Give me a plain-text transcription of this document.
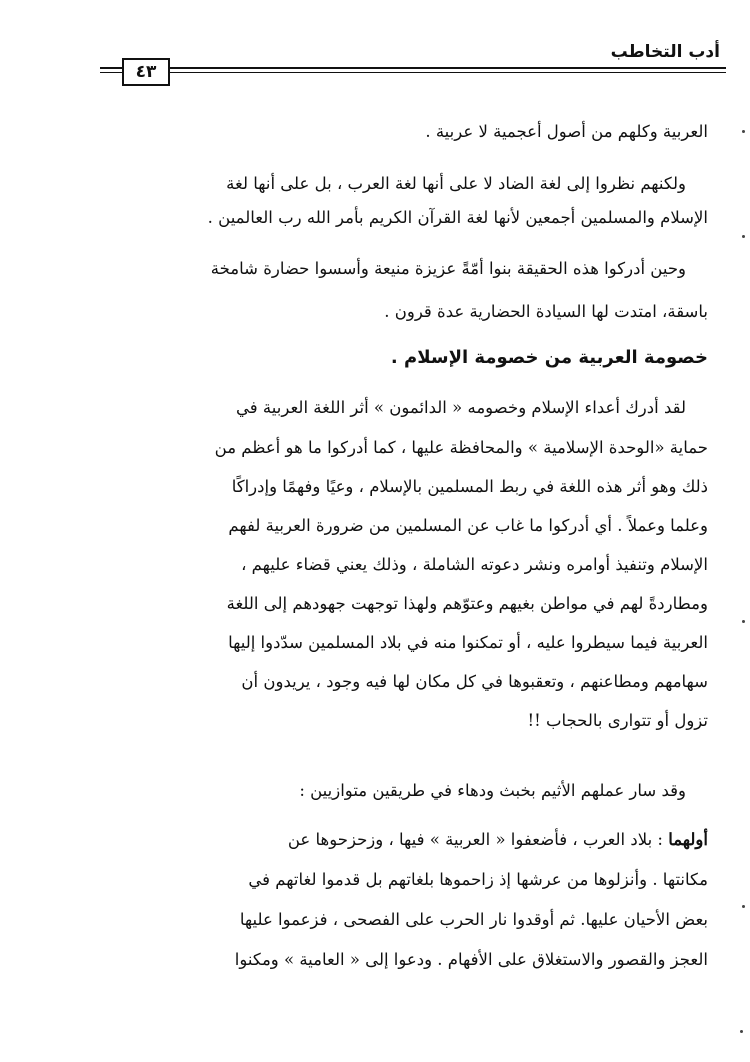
أدب التخاطب
٤٣
العربية وكلهم من أصول أعجمية لا عربية .
ولكنهم نظروا إلى لغة الضاد لا على أنها لغة العرب ، بل على أنها لغة
الإسلام والمسلمين أجمعين لأنها لغة القرآن الكريم بأمر الله رب العالمين .
وحين أدركوا هذه الحقيقة بنوا أمّةً عزيزة منيعة وأسسوا حضارة شامخة
باسقة، امتدت لها السيادة الحضارية عدة قرون .
خصومة العربية من خصومة الإسلام .
لقد أدرك أعداء الإسلام وخصومه « الدائمون » أثر اللغة العربية في
حماية «الوحدة الإسلامية » والمحافظة عليها ، كما أدركوا ما هو أعظم من
ذلك وهو أثر هذه اللغة في ربط المسلمين بالإسلام ، وعيًا وفهمًا وإدراكًا
وعلما وعملاً . أي أدركوا ما غاب عن المسلمين من ضرورة العربية لفهم
الإسلام وتنفيذ أوامره ونشر دعوته الشاملة ، وذلك يعني قضاء عليهم ،
ومطاردةً لهم في مواطن بغيهم وعتوّهم ولهذا توجهت جهودهم إلى اللغة
العربية فيما سيطروا عليه ، أو تمكنوا منه في بلاد المسلمين سدّدوا إليها
سهامهم ومطاعنهم ، وتعقبوها في كل مكان لها فيه وجود ، يريدون أن
تزول أو تتوارى بالحجاب !!
وقد سار عملهم الأثيم بخبث ودهاء في طريقين متوازيين :
أولهما : بلاد العرب ، فأضعفوا « العربية » فيها ، وزحزحوها عن
مكانتها . وأنزلوها من عرشها إذ زاحموها بلغاتهم بل قدموا لغاتهم في
بعض الأحيان عليها. ثم أوقدوا نار الحرب على الفصحى ، فزعموا عليها
العجز والقصور والاستغلاق على الأفهام . ودعوا إلى « العامية » ومكنوا
